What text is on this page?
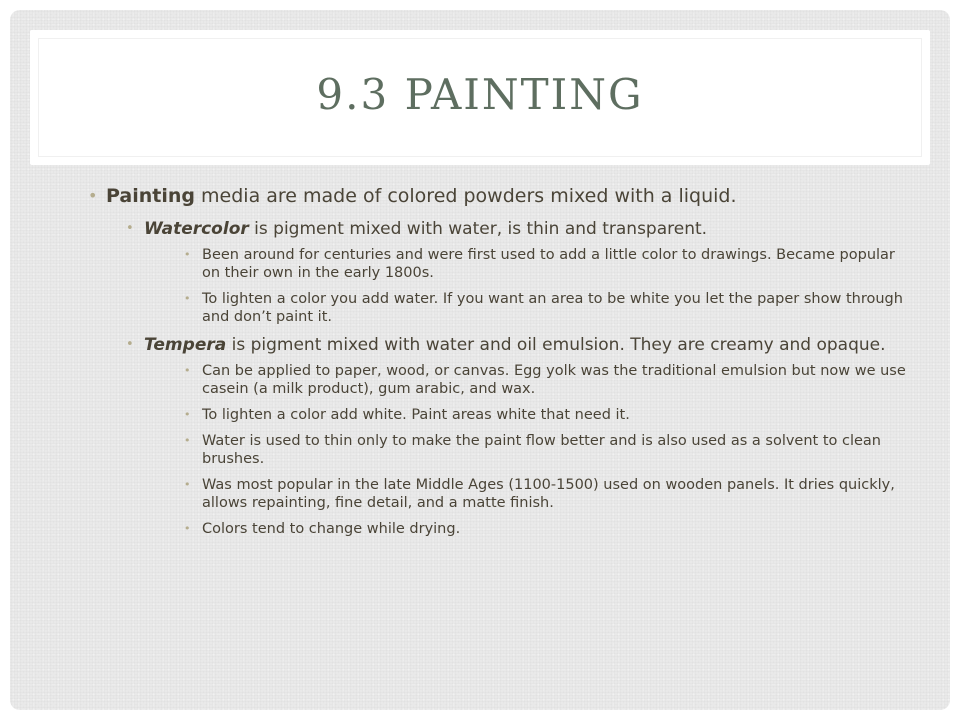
9.3 PAINTING
• Painting media are made of colored powders mixed with a liquid.
• Watercolor is pigment mixed with water, is thin and transparent.
• Been around for centuries and were first used to add a little color to drawings. Became popular on their own in the early 1800s.
• To lighten a color you add water. If you want an area to be white you let the paper show through and don’t paint it.
• Tempera is pigment mixed with water and oil emulsion. They are creamy and opaque.
• Can be applied to paper, wood, or canvas. Egg yolk was the traditional emulsion but now we use casein (a milk product), gum arabic, and wax.
• To lighten a color add white. Paint areas white that need it.
• Water is used to thin only to make the paint flow better and is also used as a solvent to clean brushes.
• Was most popular in the late Middle Ages (1100-1500) used on wooden panels. It dries quickly, allows repainting, fine detail, and a matte finish.
• Colors tend to change while drying.
